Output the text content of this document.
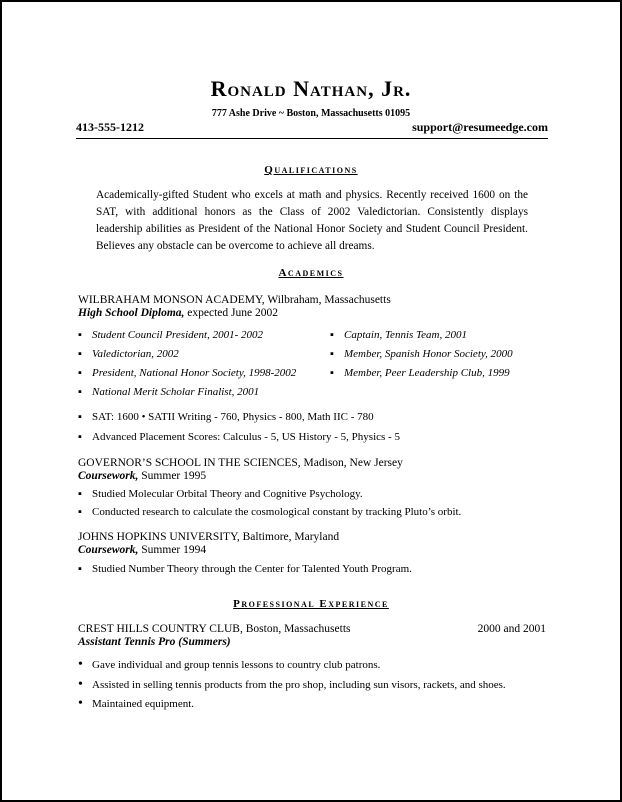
Ronald Nathan, Jr.
777 Ashe Drive ~ Boston, Massachusetts 01095
413-555-1212	support@resumeedge.com
Qualifications
Academically-gifted Student who excels at math and physics. Recently received 1600 on the SAT, with additional honors as the Class of 2002 Valedictorian. Consistently displays leadership abilities as President of the National Honor Society and Student Council President. Believes any obstacle can be overcome to achieve all dreams.
Academics
WILBRAHAM MONSON ACADEMY, Wilbraham, Massachusetts
High School Diploma, expected June 2002
▪ Student Council President, 2001- 2002
▪ Valedictorian, 2002
▪ President, National Honor Society, 1998-2002
▪ National Merit Scholar Finalist, 2001
▪ Captain, Tennis Team, 2001
▪ Member, Spanish Honor Society, 2000
▪ Member, Peer Leadership Club, 1999
▪ SAT: 1600 • SATII Writing - 760, Physics - 800, Math IIC - 780
▪ Advanced Placement Scores: Calculus - 5, US History - 5, Physics - 5
GOVERNOR’S SCHOOL IN THE SCIENCES, Madison, New Jersey
Coursework, Summer 1995
▪ Studied Molecular Orbital Theory and Cognitive Psychology.
▪ Conducted research to calculate the cosmological constant by tracking Pluto’s orbit.
JOHNS HOPKINS UNIVERSITY, Baltimore, Maryland
Coursework, Summer 1994
▪ Studied Number Theory through the Center for Talented Youth Program.
Professional Experience
CREST HILLS COUNTRY CLUB, Boston, Massachusetts	2000 and 2001
Assistant Tennis Pro (Summers)
• Gave individual and group tennis lessons to country club patrons.
• Assisted in selling tennis products from the pro shop, including sun visors, rackets, and shoes.
• Maintained equipment.
